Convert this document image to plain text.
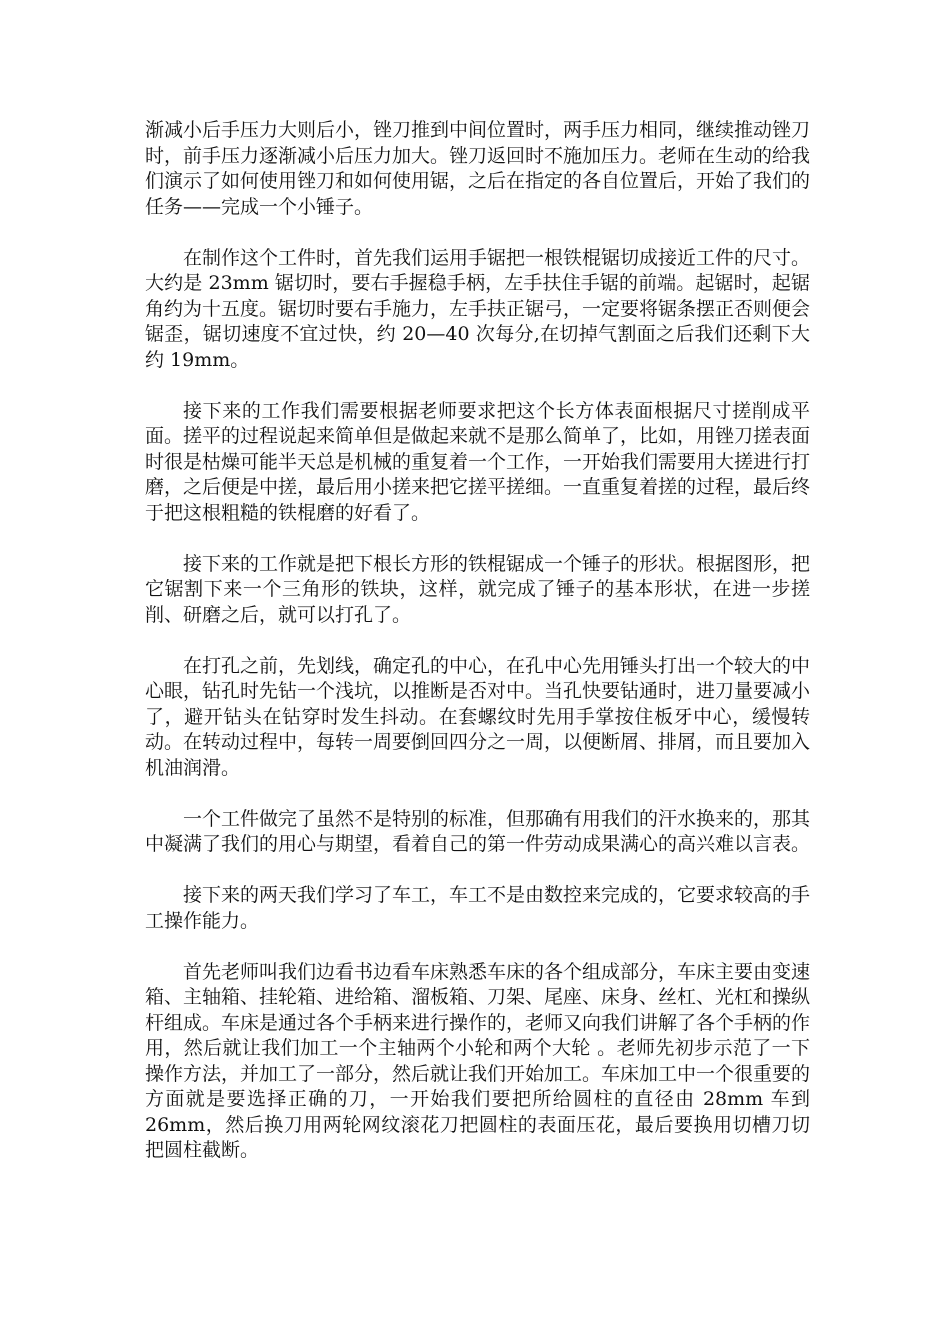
渐减小后手压力大则后小，锉刀推到中间位置时，两手压力相同，继续推动锉刀时，前手压力逐渐减小后压力加大。锉刀返回时不施加压力。老师在生动的给我们演示了如何使用锉刀和如何使用锯，之后在指定的各自位置后，开始了我们的任务——完成一个小锤子。

在制作这个工件时，首先我们运用手锯把一根铁棍锯切成接近工件的尺寸。大约是 23mm 锯切时，要右手握稳手柄，左手扶住手锯的前端。起锯时，起锯角约为十五度。锯切时要右手施力，左手扶正锯弓，一定要将锯条摆正否则便会锯歪，锯切速度不宜过快，约 20—40 次每分,在切掉气割面之后我们还剩下大约 19mm。

接下来的工作我们需要根据老师要求把这个长方体表面根据尺寸搓削成平面。搓平的过程说起来简单但是做起来就不是那么简单了，比如，用锉刀搓表面时很是枯燥可能半天总是机械的重复着一个工作，一开始我们需要用大搓进行打磨，之后便是中搓，最后用小搓来把它搓平搓细。一直重复着搓的过程，最后终于把这根粗糙的铁棍磨的好看了。

接下来的工作就是把下根长方形的铁棍锯成一个锤子的形状。根据图形，把它锯割下来一个三角形的铁块，这样，就完成了锤子的基本形状，在进一步搓削、研磨之后，就可以打孔了。

在打孔之前，先划线，确定孔的中心，在孔中心先用锤头打出一个较大的中心眼，钻孔时先钻一个浅坑，以推断是否对中。当孔快要钻通时，进刀量要减小了，避开钻头在钻穿时发生抖动。在套螺纹时先用手掌按住板牙中心，缓慢转动。在转动过程中，每转一周要倒回四分之一周，以便断屑、排屑，而且要加入机油润滑。

一个工件做完了虽然不是特别的标准，但那确有用我们的汗水换来的，那其中凝满了我们的用心与期望，看着自己的第一件劳动成果满心的高兴难以言表。

接下来的两天我们学习了车工，车工不是由数控来完成的，它要求较高的手工操作能力。

首先老师叫我们边看书边看车床熟悉车床的各个组成部分，车床主要由变速箱、主轴箱、挂轮箱、进给箱、溜板箱、刀架、尾座、床身、丝杠、光杠和操纵杆组成。车床是通过各个手柄来进行操作的，老师又向我们讲解了各个手柄的作用，然后就让我们加工一个主轴两个小轮和两个大轮 。老师先初步示范了一下操作方法，并加工了一部分，然后就让我们开始加工。车床加工中一个很重要的方面就是要选择正确的刀，一开始我们要把所给圆柱的直径由 28mm 车到 26mm，然后换刀用两轮网纹滚花刀把圆柱的表面压花，最后要换用切槽刀切把圆柱截断。
